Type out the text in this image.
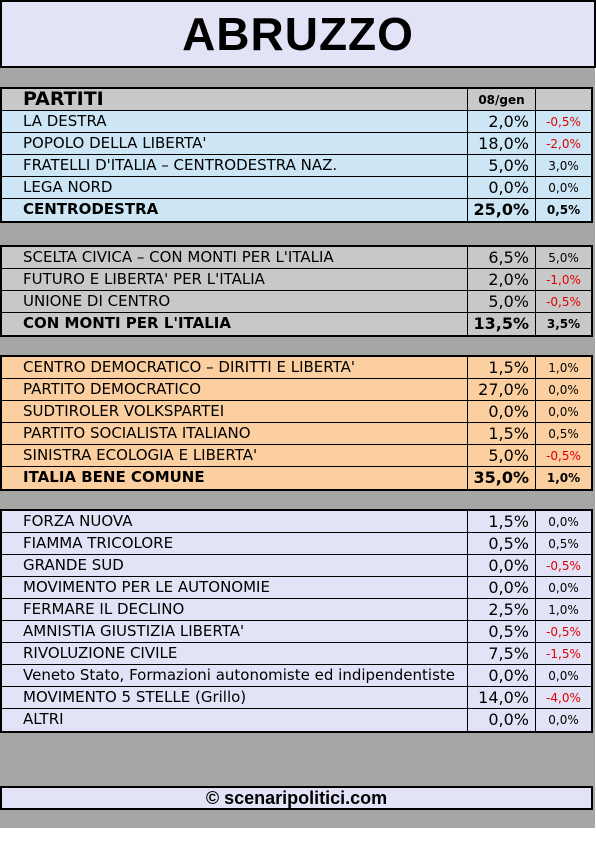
ABRUZZO
PARTITI	08/gen
LA DESTRA	2,0%	-0,5%
POPOLO DELLA LIBERTA'	18,0%	-2,0%
FRATELLI D'ITALIA – CENTRODESTRA NAZ.	5,0%	3,0%
LEGA NORD	0,0%	0,0%
CENTRODESTRA	25,0%	0,5%
SCELTA CIVICA – CON MONTI PER L'ITALIA	6,5%	5,0%
FUTURO E LIBERTA' PER L'ITALIA	2,0%	-1,0%
UNIONE DI CENTRO	5,0%	-0,5%
CON MONTI PER L'ITALIA	13,5%	3,5%
CENTRO DEMOCRATICO – DIRITTI E LIBERTA'	1,5%	1,0%
PARTITO DEMOCRATICO	27,0%	0,0%
SUDTIROLER VOLKSPARTEI	0,0%	0,0%
PARTITO SOCIALISTA ITALIANO	1,5%	0,5%
SINISTRA ECOLOGIA E LIBERTA'	5,0%	-0,5%
ITALIA BENE COMUNE	35,0%	1,0%
FORZA NUOVA	1,5%	0,0%
FIAMMA TRICOLORE	0,5%	0,5%
GRANDE SUD	0,0%	-0,5%
MOVIMENTO PER LE AUTONOMIE	0,0%	0,0%
FERMARE IL DECLINO	2,5%	1,0%
AMNISTIA GIUSTIZIA LIBERTA'	0,5%	-0,5%
RIVOLUZIONE CIVILE	7,5%	-1,5%
Veneto Stato, Formazioni autonomiste ed indipendentiste	0,0%	0,0%
MOVIMENTO 5 STELLE (Grillo)	14,0%	-4,0%
ALTRI	0,0%	0,0%
© scenaripolitici.com
